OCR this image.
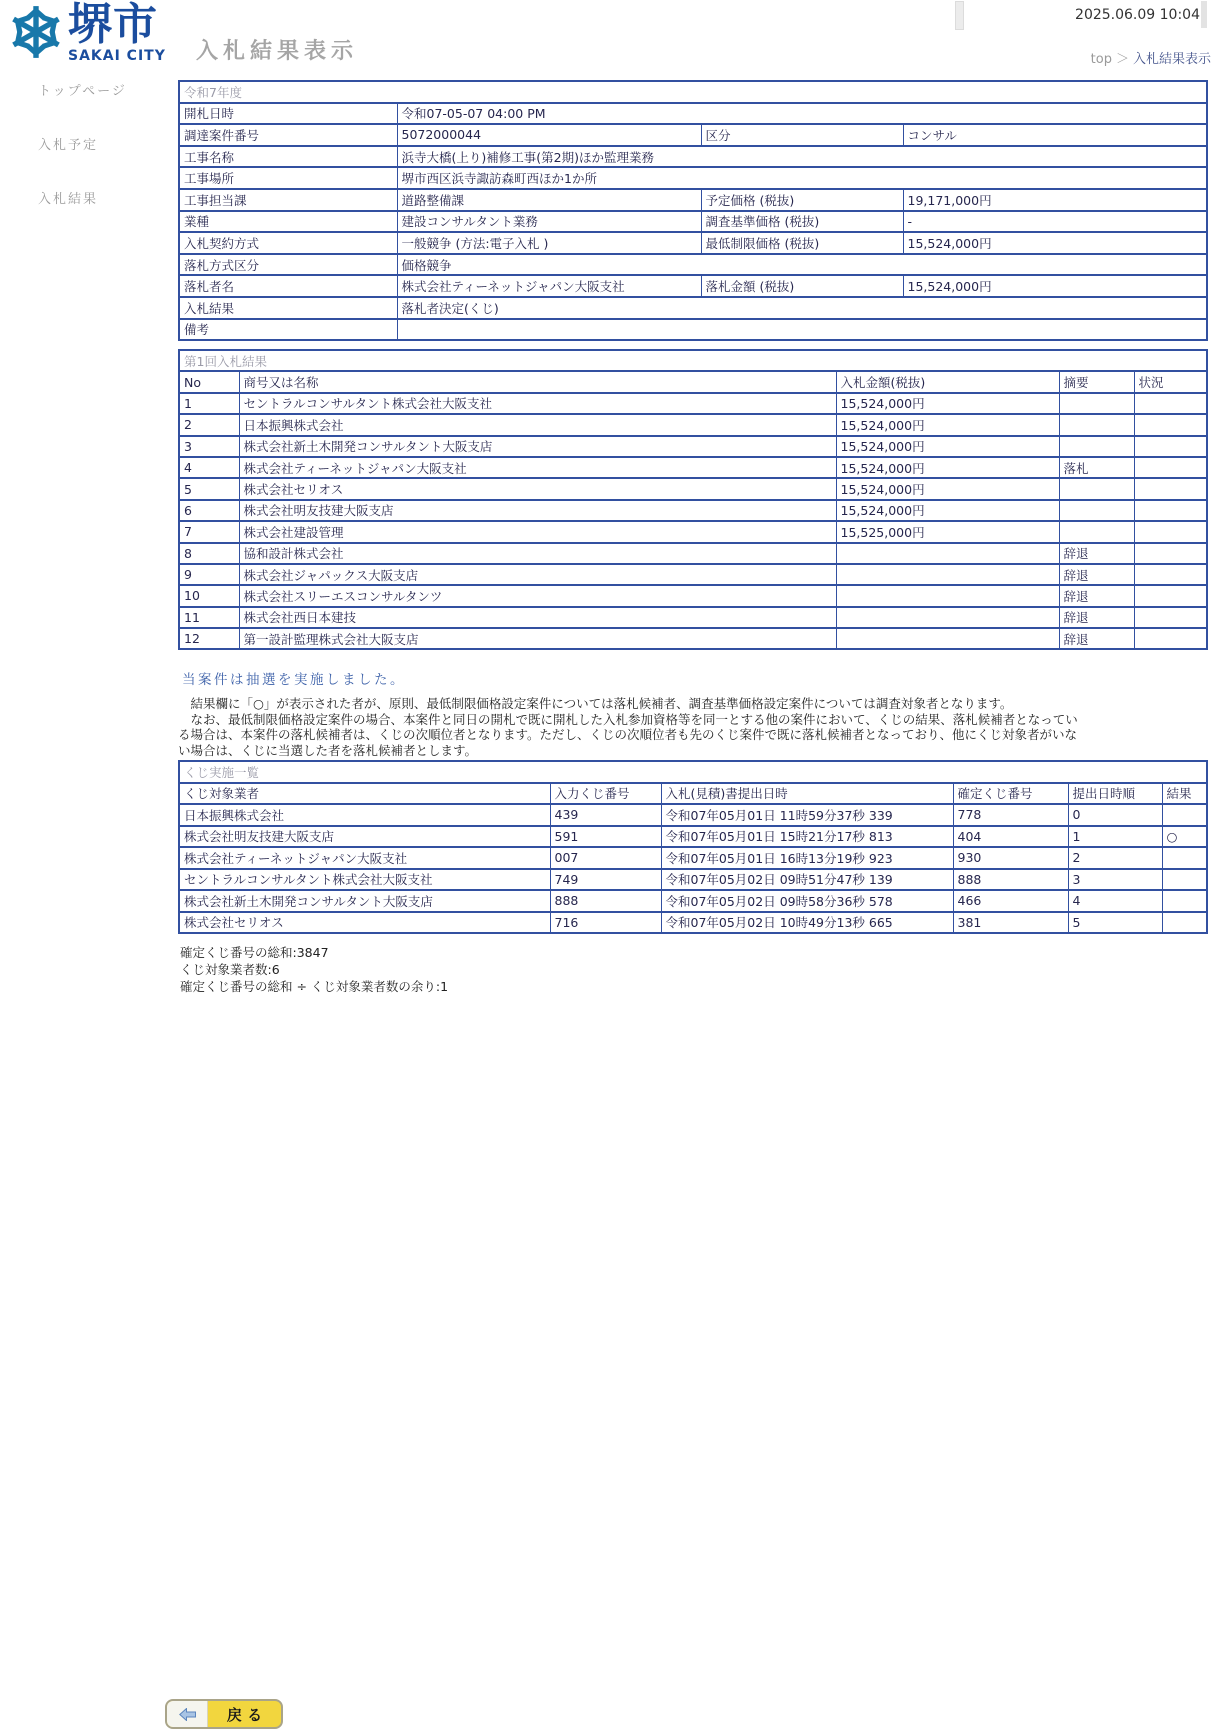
堺市
SAKAI CITY 入札結果表示
2025.06.09 10:04
top ＞ 入札結果表示
トップページ
入札予定
入札結果
令和7年度			
開札日時	令和07-05-07 04:00 PM		
調達案件番号	5072000044	区分	コンサル
工事名称	浜寺大橋(上り)補修工事(第2期)ほか監理業務		
工事場所	堺市西区浜寺諏訪森町西ほか1か所		
工事担当課	道路整備課	予定価格 (税抜)	19,171,000円
業種	建設コンサルタント業務	調査基準価格 (税抜)	-
入札契約方式	一般競争 (方法:電子入札 )	最低制限価格 (税抜)	15,524,000円
落札方式区分	価格競争		
落札者名	株式会社ティーネットジャパン大阪支社	落札金額 (税抜)	15,524,000円
入札結果	落札者決定(くじ)		
備考			
第1回入札結果				
No	商号又は名称	入札金額(税抜)	摘要	状況
1	セントラルコンサルタント株式会社大阪支社	15,524,000円		
2	日本振興株式会社	15,524,000円		
3	株式会社新土木開発コンサルタント大阪支店	15,524,000円		
4	株式会社ティーネットジャパン大阪支社	15,524,000円	落札	
5	株式会社セリオス	15,524,000円		
6	株式会社明友技建大阪支店	15,524,000円		
7	株式会社建設管理	15,525,000円		
8	協和設計株式会社		辞退	
9	株式会社ジャパックス大阪支店		辞退	
10	株式会社スリーエスコンサルタンツ		辞退	
11	株式会社西日本建技		辞退	
12	第一設計監理株式会社大阪支店		辞退	
当案件は抽選を実施しました。
　結果欄に「○」が表示された者が、原則、最低制限価格設定案件については落札候補者、調査基準価格設定案件については調査対象者となります。
　なお、最低制限価格設定案件の場合、本案件と同日の開札で既に開札した入札参加資格等を同一とする他の案件において、くじの結果、落札候補者となってい
る場合は、本案件の落札候補者は、くじの次順位者となります。ただし、くじの次順位者も先のくじ案件で既に落札候補者となっており、他にくじ対象者がいな
い場合は、くじに当選した者を落札候補者とします。
くじ実施一覧					
くじ対象業者	入力くじ番号	入札(見積)書提出日時	確定くじ番号	提出日時順	結果
日本振興株式会社	439	令和07年05月01日 11時59分37秒 339	778	0	
株式会社明友技建大阪支店	591	令和07年05月01日 15時21分17秒 813	404	1	○
株式会社ティーネットジャパン大阪支社	007	令和07年05月01日 16時13分19秒 923	930	2	
セントラルコンサルタント株式会社大阪支社	749	令和07年05月02日 09時51分47秒 139	888	3	
株式会社新土木開発コンサルタント大阪支店	888	令和07年05月02日 09時58分36秒 578	466	4	
株式会社セリオス	716	令和07年05月02日 10時49分13秒 665	381	5	
確定くじ番号の総和:3847
くじ対象業者数:6
確定くじ番号の総和 ÷ くじ対象業者数の余り:1
戻 る
